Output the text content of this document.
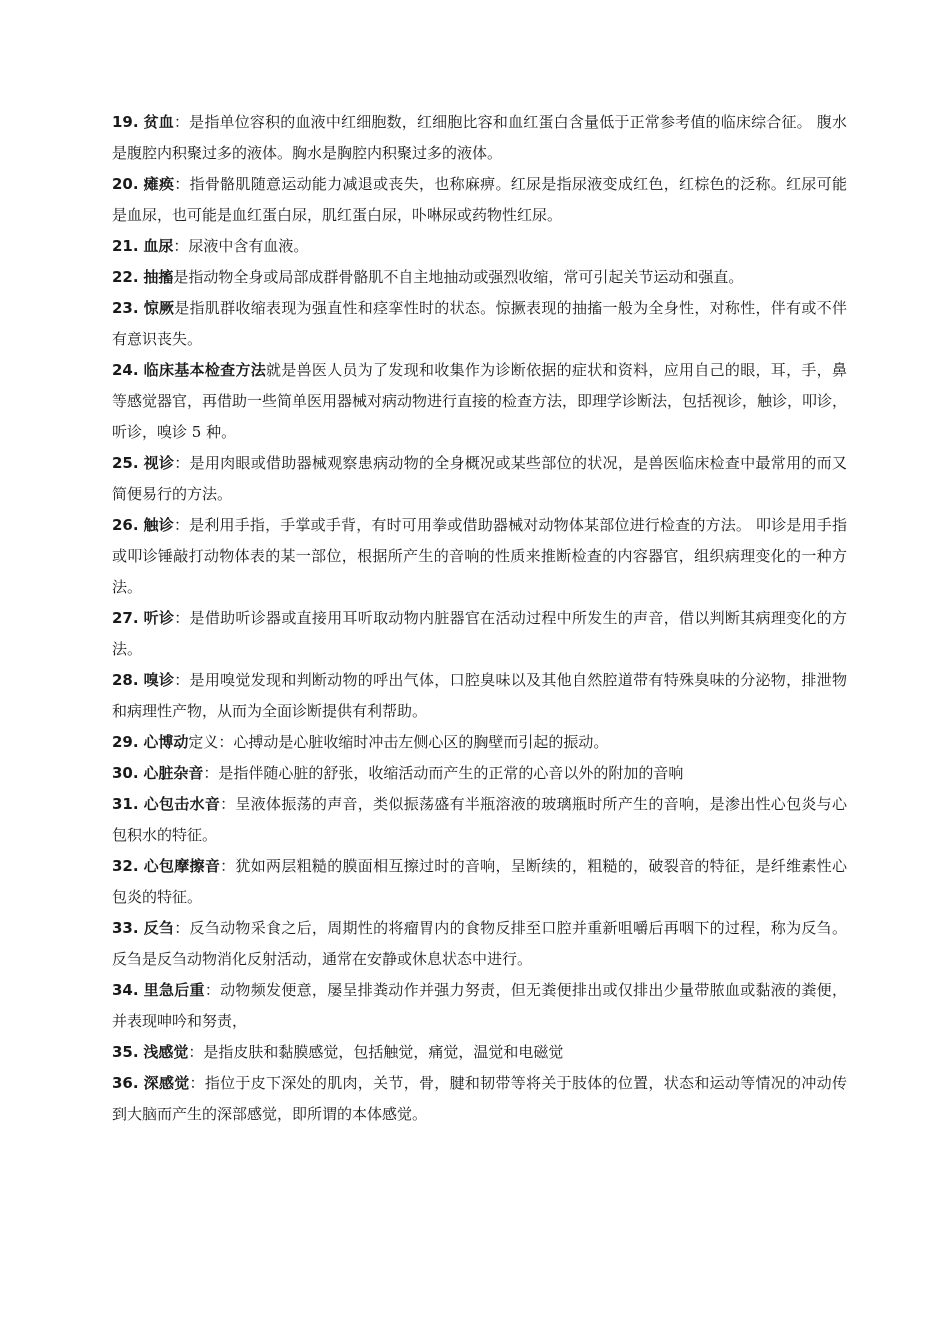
19. 贫血：是指单位容积的血液中红细胞数，红细胞比容和血红蛋白含量低于正常参考值的临床综合征。 腹水是腹腔内积聚过多的液体。胸水是胸腔内积聚过多的液体。

20. 瘫痪：指骨骼肌随意运动能力减退或丧失，也称麻痹。红尿是指尿液变成红色，红棕色的泛称。红尿可能是血尿，也可能是血红蛋白尿，肌红蛋白尿，卟啉尿或药物性红尿。

21. 血尿：尿液中含有血液。

22. 抽搐是指动物全身或局部成群骨骼肌不自主地抽动或强烈收缩，常可引起关节运动和强直。

23. 惊厥是指肌群收缩表现为强直性和痉挛性时的状态。惊撅表现的抽搐一般为全身性，对称性，伴有或不伴有意识丧失。

24. 临床基本检查方法就是兽医人员为了发现和收集作为诊断依据的症状和资料，应用自己的眼，耳，手，鼻等感觉器官，再借助一些简单医用器械对病动物进行直接的检查方法，即理学诊断法，包括视诊，触诊，叩诊，听诊，嗅诊 5 种。

25. 视诊：是用肉眼或借助器械观察患病动物的全身概况或某些部位的状况，是兽医临床检查中最常用的而又简便易行的方法。

26. 触诊：是利用手指，手掌或手背，有时可用拳或借助器械对动物体某部位进行检查的方法。 叩诊是用手指或叩诊锤敲打动物体表的某一部位，根据所产生的音响的性质来推断检查的内容器官，组织病理变化的一种方法。

27. 听诊：是借助听诊器或直接用耳听取动物内脏器官在活动过程中所发生的声音，借以判断其病理变化的方法。

28. 嗅诊：是用嗅觉发现和判断动物的呼出气体，口腔臭味以及其他自然腔道带有特殊臭味的分泌物，排泄物和病理性产物，从而为全面诊断提供有利帮助。

29. 心博动定义：心搏动是心脏收缩时冲击左侧心区的胸壁而引起的振动。

30. 心脏杂音：是指伴随心脏的舒张，收缩活动而产生的正常的心音以外的附加的音响

31. 心包击水音：呈液体振荡的声音，类似振荡盛有半瓶溶液的玻璃瓶时所产生的音响，是渗出性心包炎与心包积水的特征。

32. 心包摩擦音：犹如两层粗糙的膜面相互擦过时的音响，呈断续的，粗糙的，破裂音的特征，是纤维素性心包炎的特征。

33. 反刍：反刍动物采食之后，周期性的将瘤胃内的食物反排至口腔并重新咀嚼后再咽下的过程，称为反刍。反刍是反刍动物消化反射活动，通常在安静或休息状态中进行。

34. 里急后重：动物频发便意，屡呈排粪动作并强力努责，但无粪便排出或仅排出少量带脓血或黏液的粪便，并表现呻吟和努责，

35. 浅感觉：是指皮肤和黏膜感觉，包括触觉，痛觉，温觉和电磁觉

36. 深感觉：指位于皮下深处的肌肉，关节，骨，腱和韧带等将关于肢体的位置，状态和运动等情况的冲动传到大脑而产生的深部感觉，即所谓的本体感觉。
